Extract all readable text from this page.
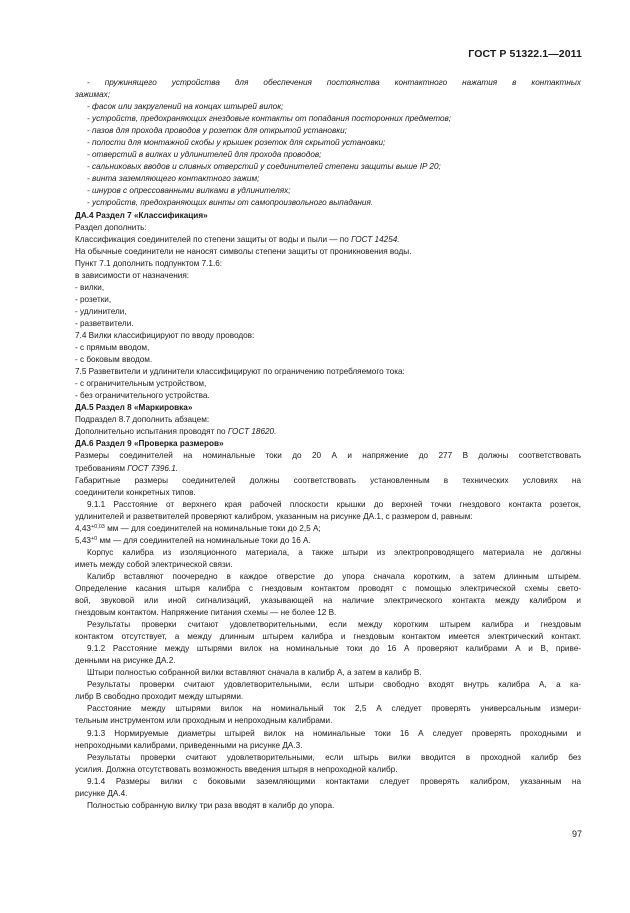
ГОСТ Р 51322.1—2011
- пружинящего устройства для обеспечения постоянства контактного нажатия в контактных
зажимах;
- фасок или закруглений на концах штырей вилок;
- устройств, предохраняющих гнездовые контакты от попадания посторонних предметов;
- пазов для прохода проводов у розеток для открытой установки;
- полости для монтажной скобы у крышек розеток для скрытой установки;
- отверстий в вилках и удлинителей для прохода проводов;
- сальниковых вводов и сливных отверстий у соединителей степени защиты выше IP 20;
- винта заземляющего контактного зажим;
- шнуров с опрессованными вилками в удлинителях;
- устройств, предохраняющих винты от самопроизвольного выпадания.
ДА.4 Раздел 7 «Классификация»
Раздел дополнить:
Классификация соединителей по степени защиты от воды и пыли — по ГОСТ 14254.
На обычные соединители не наносят символы степени защиты от проникновения воды.
Пункт 7.1 дополнить подпунктом 7.1.6:
в зависимости от назначения:
- вилки,
- розетки,
- удлинители,
- разветвители.
7.4 Вилки классифицируют по вводу проводов:
- с прямым вводом,
- с боковым вводом.
7.5 Разветвители и удлинители классифицируют по ограничению потребляемого тока:
- с ограничительным устройством,
- без ограничительного устройства.
ДА.5 Раздел 8 «Маркировка»
Подраздел 8.7 дополнить абзацем:
Дополнительно испытания проводят по ГОСТ 18620.
ДА.6 Раздел 9 «Проверка размеров»
Размеры соединителей на номинальные токи до 20 А и напряжение до 277 В должны соответствовать
требованиям ГОСТ 7396.1.
Габаритные размеры соединителей должны соответствовать установленным в технических условиях на
соединители конкретных типов.
9.1.1 Расстояние от верхнего края рабочей плоскости крышки до верхней точки гнездового контакта розеток,
удлинителей и разветвителей проверяют калибром, указанным на рисунке ДА.1, с размером d, равным:
$4,43^{+0,03}$ мм — для соединителей на номинальные токи до 2,5 А;
$5,43^{+0}$ мм — для соединителей на номинальные токи до 16 А.
Корпус калибра из изоляционного материала, а также штыри из электропроводящего материала не должны
иметь между собой электрической связи.
Калибр вставляют поочередно в каждое отверстие до упора сначала коротким, а затем длинным штырем.
Определение касания штыря калибра с гнездовым контактом проводят с помощью электрической схемы свето-
вой, звуковой или иной сигнализаций, указывающей на наличие электрического контакта между калибром и
гнездовым контактом. Напряжение питания схемы — не более 12 В.
Результаты проверки считают удовлетворительными, если между коротким штырем калибра и гнездовым
контактом отсутствует, а между длинным штырем калибра и гнездовым контактом имеется электрический контакт.
9.1.2 Расстояние между штырями вилок на номинальные токи до 16 А проверяют калибрами А и В, приве-
денными на рисунке ДА.2.
Штыри полностью собранной вилки вставляют сначала в калибр А, а затем в калибр В.
Результаты проверки считают удовлетворительными, если штыри свободно входят внутрь калибра А, а ка-
либр В свободно проходит между штырями.
Расстояние между штырями вилок на номинальный ток 2,5 А следует проверять универсальным измери-
тельным инструментом или проходным и непроходным калибрами.
9.1.3 Нормируемые диаметры штырей вилок на номинальные токи 16 А следует проверять проходными и
непроходными калибрами, приведенными на рисунке ДА.3.
Результаты проверки считают удовлетворительными, если штырь вилки вводится в проходной калибр без
усилия. Должна отсутствовать возможность введения штыря в непроходной калибр.
9.1.4 Размеры вилки с боковыми заземляющими контактами следует проверять калибром, указанным на
рисунке ДА.4.
Полностью собранную вилку три раза вводят в калибр до упора.
97
